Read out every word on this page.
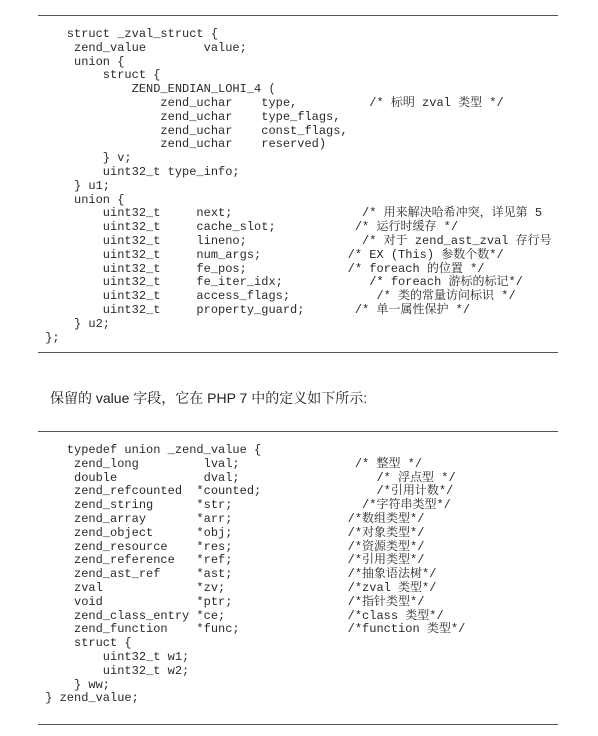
struct _zval_struct {
zend_value        value;
union {
struct {
ZEND_ENDIAN_LOHI_4 (
zend_uchar    type,          /* 标明 zval 类型 */
zend_uchar    type_flags,
zend_uchar    const_flags,
zend_uchar    reserved)
} v;
uint32_t type_info;
} u1;
union {
uint32_t     next;                  /* 用来解决哈希冲突，详见第 5
uint32_t     cache_slot;           /* 运行时缓存 */
uint32_t     lineno;                /* 对于 zend_ast_zval 存行号
uint32_t     num_args;            /* EX (This) 参数个数*/
uint32_t     fe_pos;              /* foreach 的位置 */
uint32_t     fe_iter_idx;            /* foreach 游标的标记*/
uint32_t     access_flags;            /* 类的常量访问标识 */
uint32_t     property_guard;       /* 单一属性保护 */
} u2;
};
保留的 value 字段，它在 PHP 7 中的定义如下所示:
typedef union _zend_value {
zend_long         lval;                /* 整型 */
double            dval;                   /* 浮点型 */
zend_refcounted  *counted;                /*引用计数*/
zend_string      *str;                  /*字符串类型*/
zend_array       *arr;                /*数组类型*/
zend_object      *obj;                /*对象类型*/
zend_resource    *res;                /*资源类型*/
zend_reference   *ref;                /*引用类型*/
zend_ast_ref     *ast;                /*抽象语法树*/
zval             *zv;                 /*zval 类型*/
void             *ptr;                /*指针类型*/
zend_class_entry *ce;                 /*class 类型*/
zend_function    *func;               /*function 类型*/
struct {
uint32_t w1;
uint32_t w2;
} ww;
} zend_value;
